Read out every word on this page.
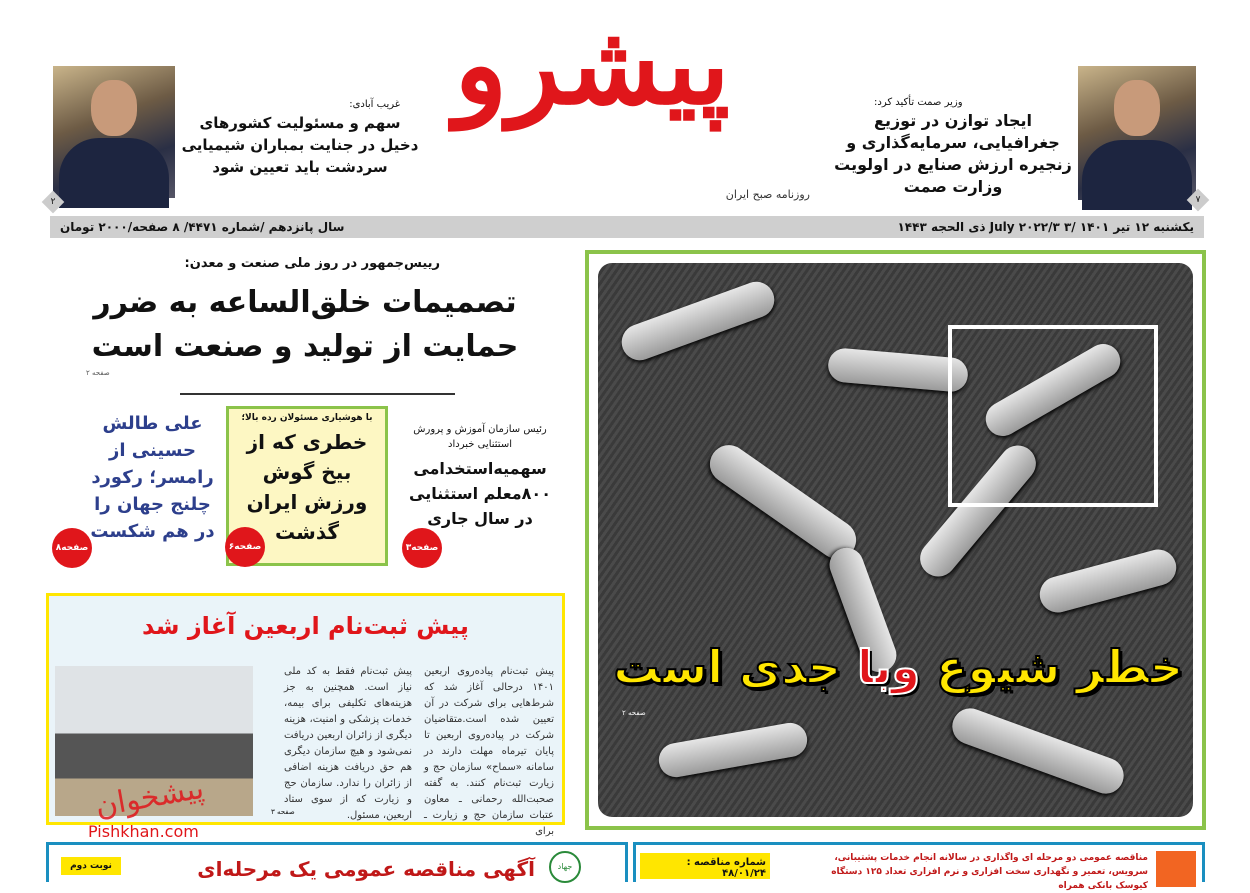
پیشرو
روزنامه صبح ایران	۷
وزیر صمت تأکید کرد:
ایجاد توازن در توزیع جغرافیایی، سرمایه‌گذاری و زنجیره ارزش صنایع در اولویت وزارت صمت
۲
غریب آبادی:
سهم و مسئولیت کشورهای دخیل در جنایت بمباران شیمیایی سردشت باید تعیین شود
یکشنبه ۱۲ تیر ۱۴۰۱ /۳ July ۲۰۲۲/۳ ذی الحجه ۱۴۴۳
سال پانزدهم /شماره ۴۴۷۱/ ۸ صفحه/۲۰۰۰ تومان
رییس‌جمهور در روز ملی صنعت و معدن:
تصمیمات خلق‌الساعه به ضرر حمایت از تولید و صنعت است
صفحه ۲
رئیس سازمان آموزش و پرورش استثنایی خبرداد
سهمیه‌استخدامی ۸۰۰معلم استثنایی در سال جاری
صفحه۳
با هوشیاری مسئولان رده بالا؛
خطری که از بیخ گوش ورزش ایران گذشت
صفحه۶
علی طالش حسینی از رامسر؛ رکورد چلنج جهان را در هم شکست
صفحه۸
پیش ثبت‌نام اربعین آغاز شد
پیش ثبت‌نام پیاده‌روی اربعین ۱۴۰۱ درحالی آغاز شد که شرط‌هایی برای شرکت در آن تعیین شده است.متقاضیان شرکت در پیاده‌روی اربعین تا پایان تیرماه مهلت دارند در سامانه «سماح» سازمان حج و زیارت ثبت‌نام کنند. به گفته صحبت‌الله رحمانی ـ معاون عتبات سازمان حج و زیارت ـ برای
پیش ثبت‌نام فقط به کد ملی نیاز است. همچنین به جز هزینه‌های تکلیفی برای بیمه، خدمات پزشکی و امنیت، هزینه دیگری از زائران اربعین دریافت نمی‌شود و هیچ سازمان دیگری هم حق دریافت هزینه اضافی از زائران را ندارد. سازمان حج و زیارت که از سوی ستاد اربعین، مسئول.
صفحه ۳
خطر شیوع وبا جدی است
صفحه ۲
مناقصه عمومی دو مرحله ای واگذاری در سالانه انجام خدمات پشتیبانی، سرویس، تعمیر و نگهداری سخت افزاری و نرم افزاری تعداد ۱۲۵ دستگاه کیوسک بانکی همراه
شماره مناقصه : ۴۸/۰۱/۲۴
جهاد
آگهی مناقصه عمومی یک مرحله‌ای
نوبت دوم
پیشخوان
Pishkhan.com
